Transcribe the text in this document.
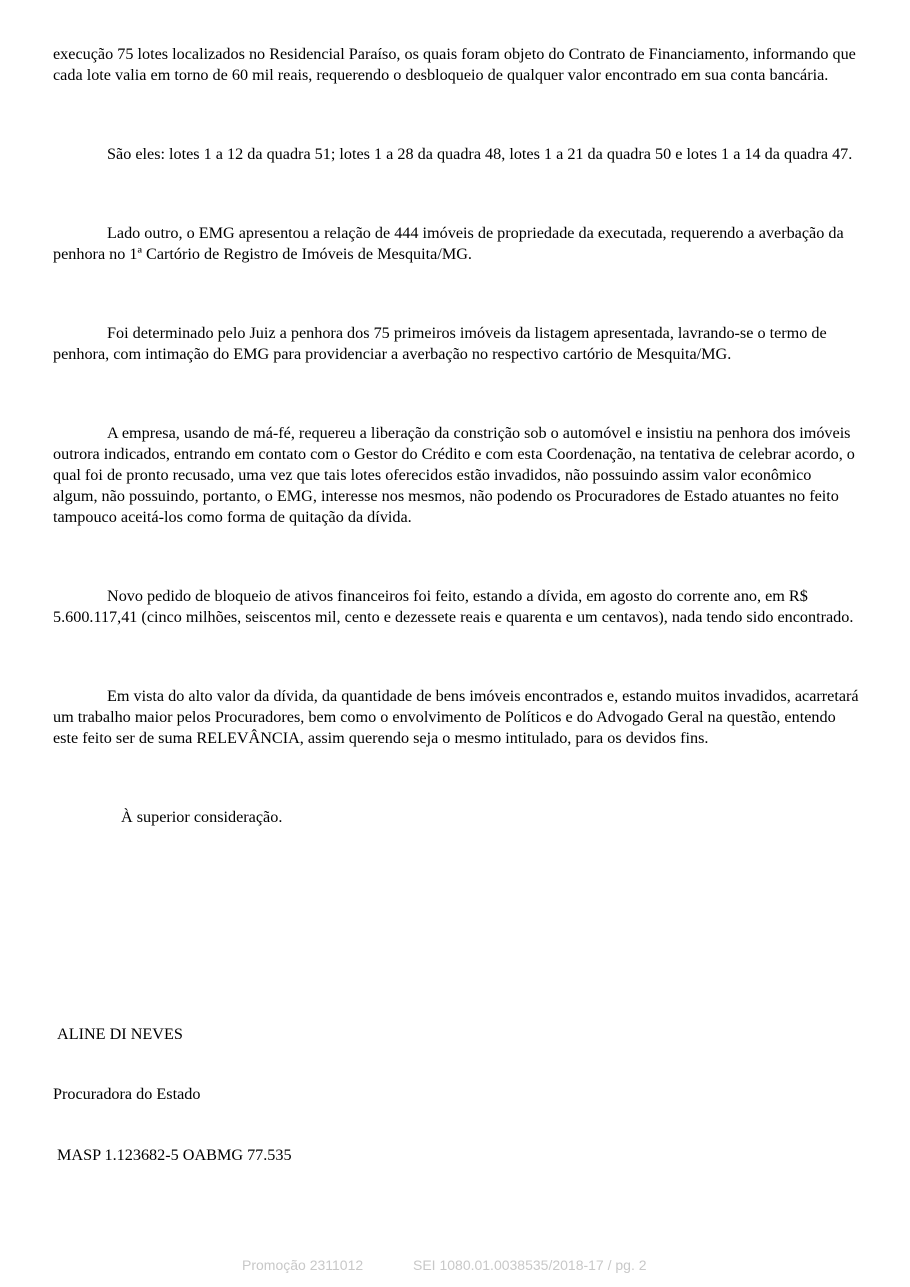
execução 75 lotes localizados no Residencial Paraíso, os quais foram objeto do Contrato de Financiamento, informando que cada lote valia em torno de 60 mil reais, requerendo o desbloqueio de qualquer valor encontrado em sua conta bancária.

São eles: lotes 1 a 12 da quadra 51; lotes 1 a 28 da quadra 48, lotes 1 a 21 da quadra 50 e lotes 1 a 14 da quadra 47.

Lado outro, o EMG apresentou a relação de 444 imóveis de propriedade da executada, requerendo a averbação da penhora no 1ª Cartório de Registro de Imóveis de Mesquita/MG.

Foi determinado pelo Juiz a penhora dos 75 primeiros imóveis da listagem apresentada, lavrando-se o termo de penhora, com intimação do EMG para providenciar a averbação no respectivo cartório de Mesquita/MG.

A empresa, usando de má-fé, requereu a liberação da constrição sob o automóvel e insistiu na penhora dos imóveis outrora indicados, entrando em contato com o Gestor do Crédito e com esta Coordenação, na tentativa de celebrar acordo, o qual foi de pronto recusado, uma vez que tais lotes oferecidos estão invadidos, não possuindo assim valor econômico algum, não possuindo, portanto, o EMG, interesse nos mesmos, não podendo os Procuradores de Estado atuantes no feito tampouco aceitá-los como forma de quitação da dívida.

Novo pedido de bloqueio de ativos financeiros foi feito, estando a dívida, em agosto do corrente ano, em R$ 5.600.117,41 (cinco milhões, seiscentos mil, cento e dezessete reais e quarenta e um centavos), nada tendo sido encontrado.

Em vista do alto valor da dívida, da quantidade de bens imóveis encontrados e, estando muitos invadidos, acarretará um trabalho maior pelos Procuradores, bem como o envolvimento de Políticos e do Advogado Geral na questão, entendo este feito ser de suma RELEVÂNCIA, assim querendo seja o mesmo intitulado, para os devidos fins.

À superior consideração.

ALINE DI NEVES
Procuradora do Estado
MASP 1.123682-5 OABMG 77.535
Promoção 2311012	SEI 1080.01.0038535/2018-17 / pg. 2
